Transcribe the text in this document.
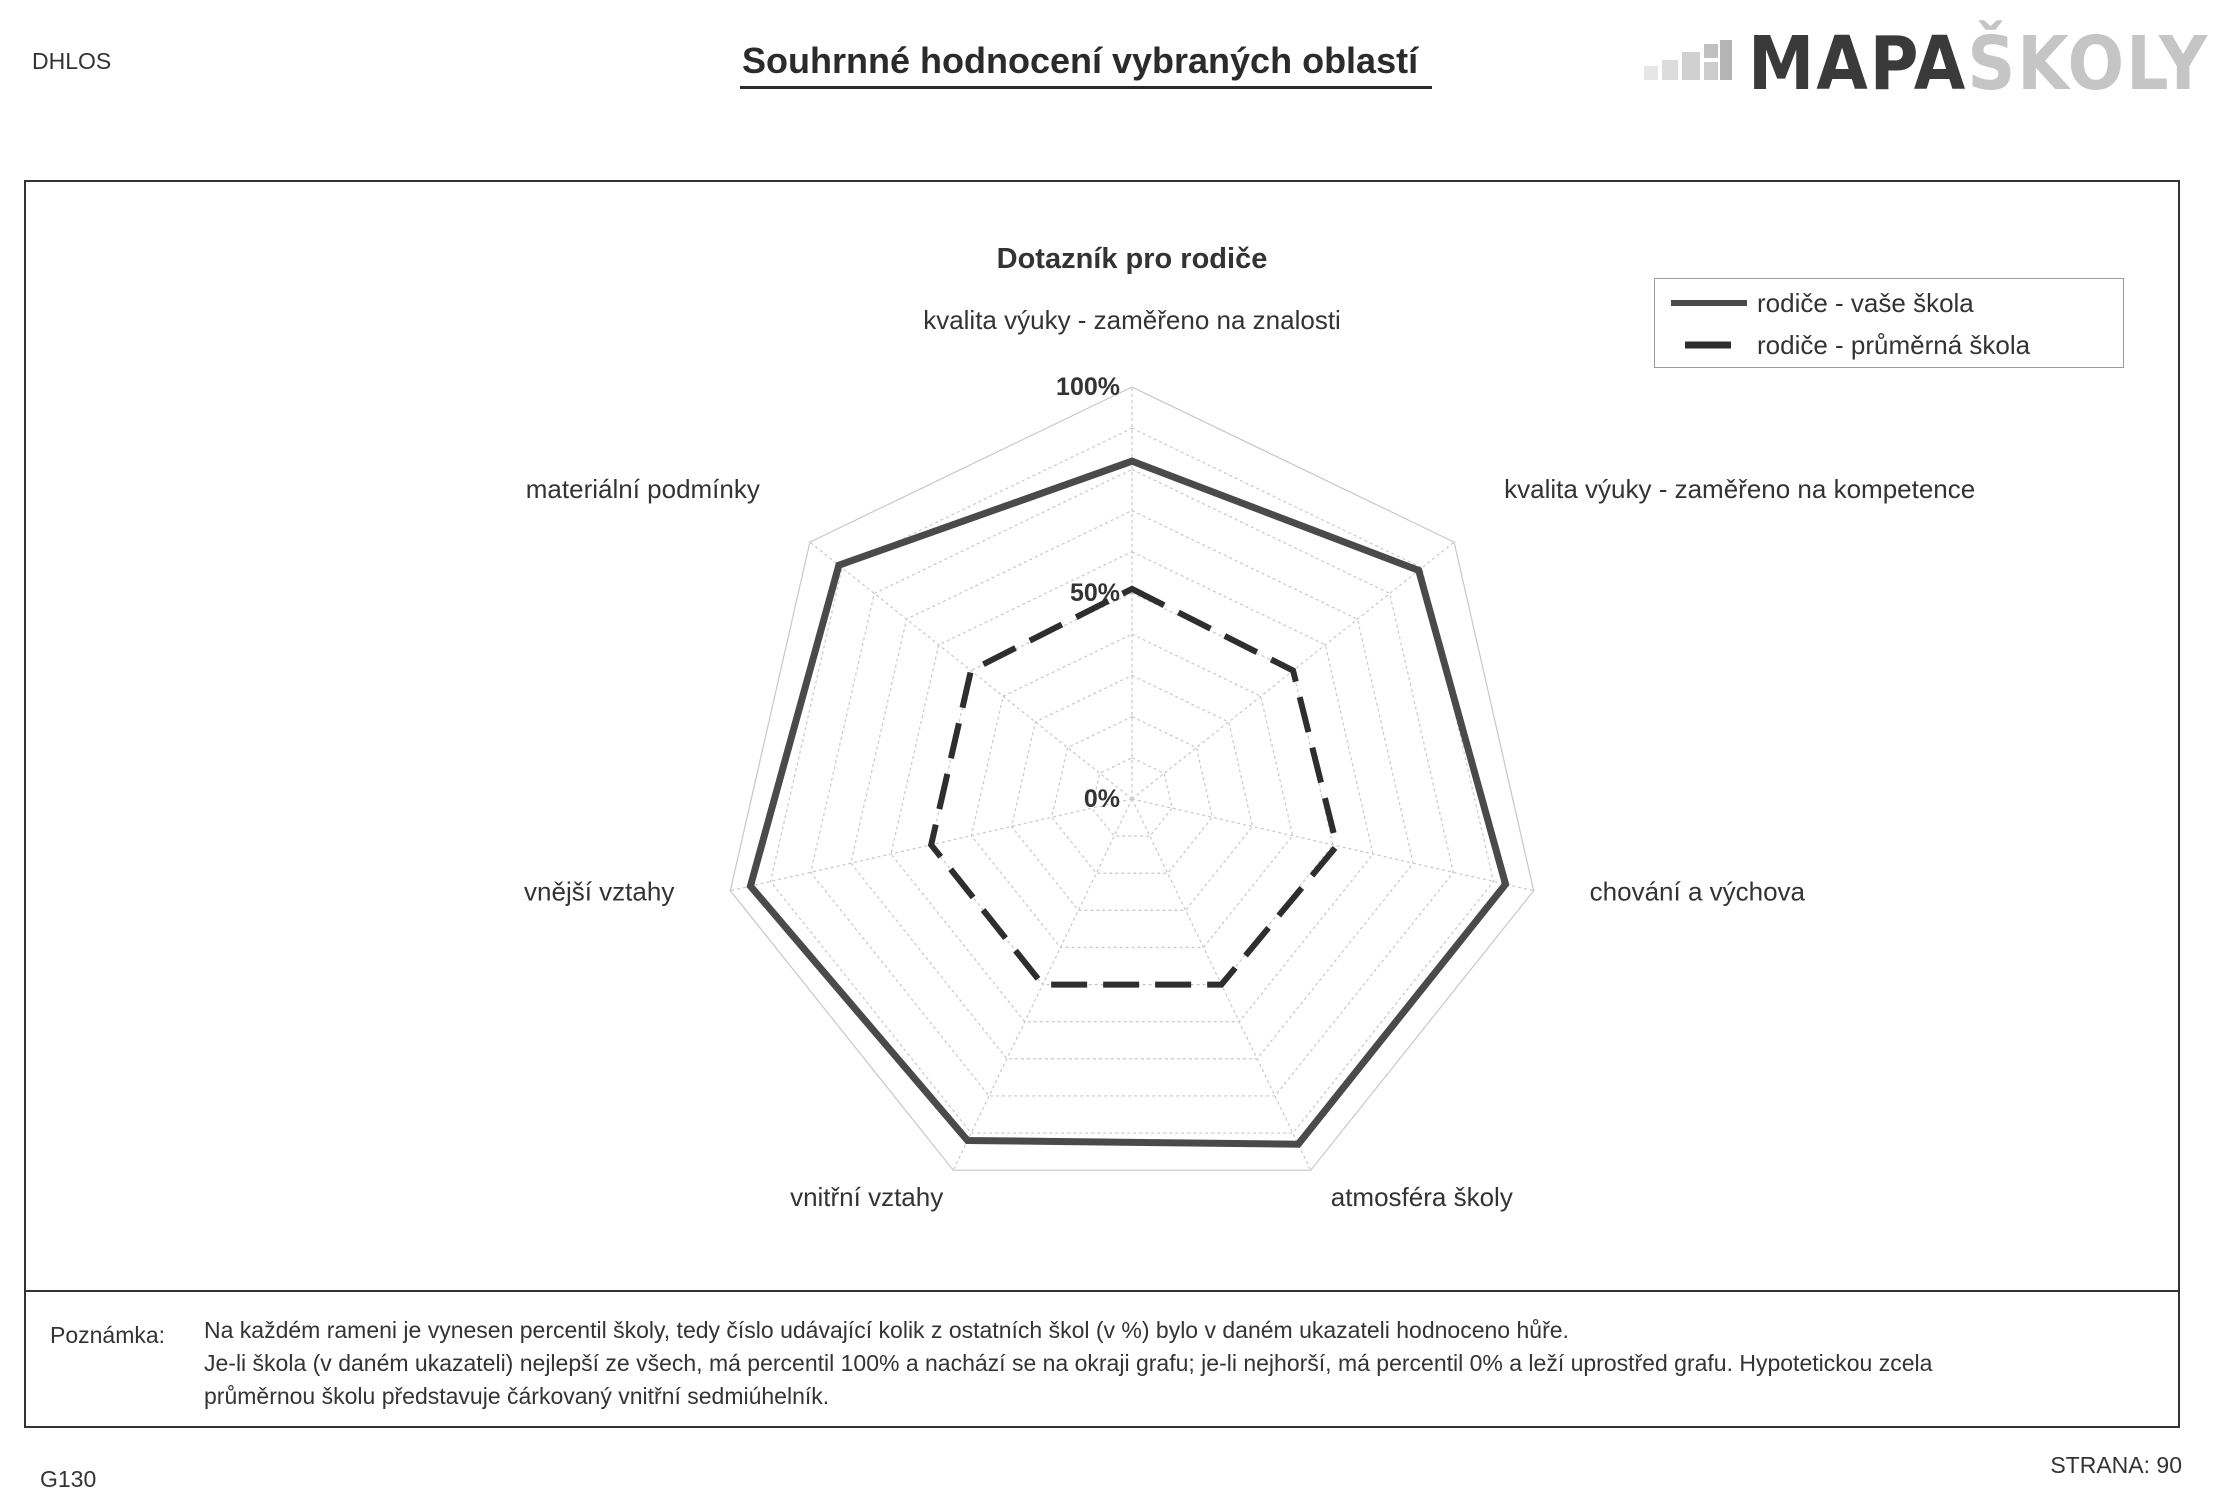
DHLOS	Souhrnné hodnocení vybraných oblastí	MAPAŠKOLY
0%
50%
100%
kvalita výuky - zaměřeno na znalosti
kvalita výuky - zaměřeno na kompetence
chování a výchova
atmosféra školy
vnitřní vztahy
vnější vztahy
materiální podmínky
Dotazník pro rodiče
rodiče - vaše škola
rodiče - průměrná škola
Poznámka: Na každém rameni je vynesen percentil školy, tedy číslo udávající kolik z ostatních škol (v %) bylo v daném ukazateli hodnoceno hůře.
Je-li škola (v daném ukazateli) nejlepší ze všech, má percentil 100% a nachází se na okraji grafu; je-li nejhorší, má percentil 0% a leží uprostřed grafu. Hypotetickou zcela
průměrnou školu představuje čárkovaný vnitřní sedmiúhelník.
G130
STRANA: 90
